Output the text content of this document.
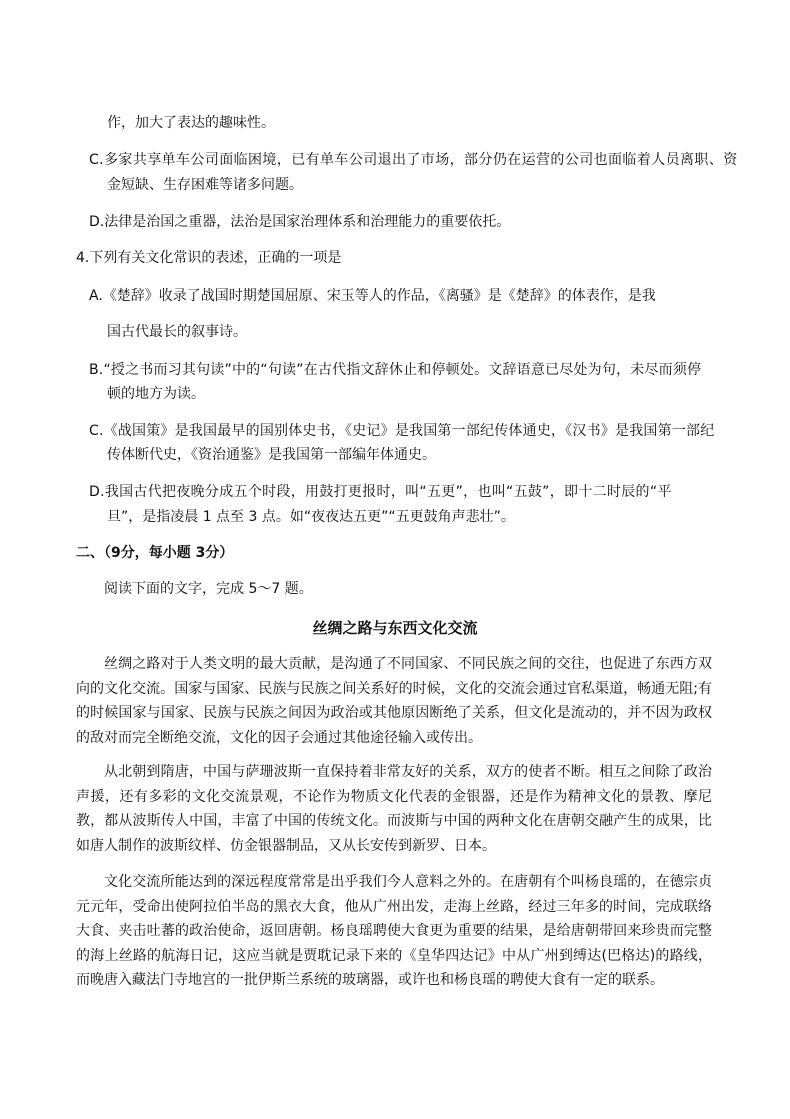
作，加大了表达的趣味性。
C.多家共享单车公司面临困境，已有单车公司退出了市场，部分仍在运营的公司也面临着人员离职、资
金短缺、生存困难等诸多问题。
D.法律是治国之重器，法治是国家治理体系和治理能力的重要依托。
4.下列有关文化常识的表述，正确的一项是
A.《楚辞》收录了战国时期楚国屈原、宋玉等人的作品，《离骚》是《楚辞》的体表作，是我
国古代最长的叙事诗。
B.“授之书而习其句读”中的“句读”在古代指文辞休止和停顿处。文辞语意已尽处为句，未尽而须停
顿的地方为读。
C.《战国策》是我国最早的国别体史书，《史记》是我国第一部纪传体通史，《汉书》是我国第一部纪
传体断代史，《资治通鉴》是我国第一部编年体通史。
D.我国古代把夜晚分成五个时段，用鼓打更报时，叫“五更”，也叫“五鼓”，即十二时辰的“平
旦”，是指凌晨 1 点至 3 点。如“夜夜达五更”“五更鼓角声悲壮”。
二、（9分，每小题 3分）
阅读下面的文字，完成 5～7 题。
丝绸之路与东西文化交流
丝绸之路对于人类文明的最大贡献，是沟通了不同国家、不同民族之间的交往，也促进了东西方双向的文化交流。国家与国家、民族与民族之间关系好的时候，文化的交流会通过官私渠道，畅通无阻;有的时候国家与国家、民族与民族之间因为政治或其他原因断绝了关系，但文化是流动的，并不因为政权的敌对而完全断绝交流，文化的因子会通过其他途径输入或传出。
从北朝到隋唐，中国与萨珊波斯一直保持着非常友好的关系，双方的使者不断。相互之间除了政治声援，还有多彩的文化交流景观，不论作为物质文化代表的金银器，还是作为精神文化的景教、摩尼教，都从波斯传人中国，丰富了中国的传统文化。而波斯与中国的两种文化在唐朝交融产生的成果，比如唐人制作的波斯纹样、仿金银器制品，又从长安传到新罗、日本。
文化交流所能达到的深远程度常常是出乎我们今人意料之外的。在唐朝有个叫杨良瑶的，在德宗贞元元年，受命出使阿拉伯半岛的黑衣大食，他从广州出发，走海上丝路，经过三年多的时间，完成联络大食、夹击吐蕃的政治使命，返回唐朝。杨良瑶聘使大食更为重要的结果，是给唐朝带回来珍贵而完整的海上丝路的航海日记，这应当就是贾耽记录下来的《皇华四达记》中从广州到缚达(巴格达)的路线，而晚唐入藏法门寺地宫的一批伊斯兰系统的玻璃器，或许也和杨良瑶的聘使大食有一定的联系。
